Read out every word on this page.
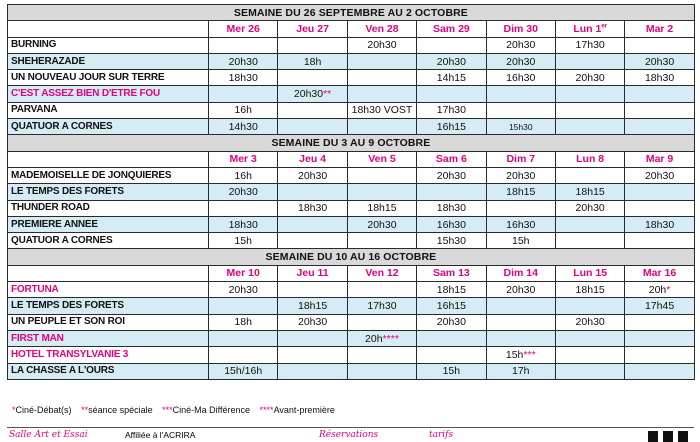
SEMAINE DU 26 SEPTEMBRE AU 2 OCTOBRE							
	Mer 26	Jeu 27	Ven 28	Sam 29	Dim 30	Lun 1er	Mar 2
BURNING			20h30		20h30	17h30	
SHEHERAZADE	20h30	18h		20h30	20h30		20h30
UN NOUVEAU JOUR SUR TERRE	18h30			14h15	16h30	20h30	18h30
C'EST ASSEZ BIEN D'ETRE FOU		20h30**					
PARVANA	16h		18h30 VOST	17h30			
QUATUOR A CORNES	14h30			16h15	15h30		
SEMAINE DU 3 AU 9 OCTOBRE							
	Mer 3	Jeu 4	Ven 5	Sam 6	Dim 7	Lun 8	Mar 9
MADEMOISELLE DE JONQUIERES	16h	20h30		20h30	20h30		20h30
LE TEMPS DES FORETS	20h30				18h15	18h15	
THUNDER ROAD		18h30	18h15	18h30		20h30	
PREMIERE ANNEE	18h30		20h30	16h30	16h30		18h30
QUATUOR A CORNES	15h			15h30	15h		
SEMAINE DU 10 AU 16 OCTOBRE							
	Mer 10	Jeu 11	Ven 12	Sam 13	Dim 14	Lun 15	Mar 16
FORTUNA	20h30			18h15	20h30	18h15	20h*
LE TEMPS DES FORETS		18h15	17h30	16h15			17h45
UN PEUPLE ET SON ROI	18h	20h30		20h30		20h30	
FIRST MAN			20h****				
HOTEL TRANSYLVANIE 3					15h***		
LA CHASSE A L'OURS	15h/16h			15h	17h		
*Ciné-Débat(s) **séance spéciale ***Ciné-Ma Différence ****Avant-première
Salle Art et Essai	Affiliée à l'ACRIRA	Réservations	tarifs
